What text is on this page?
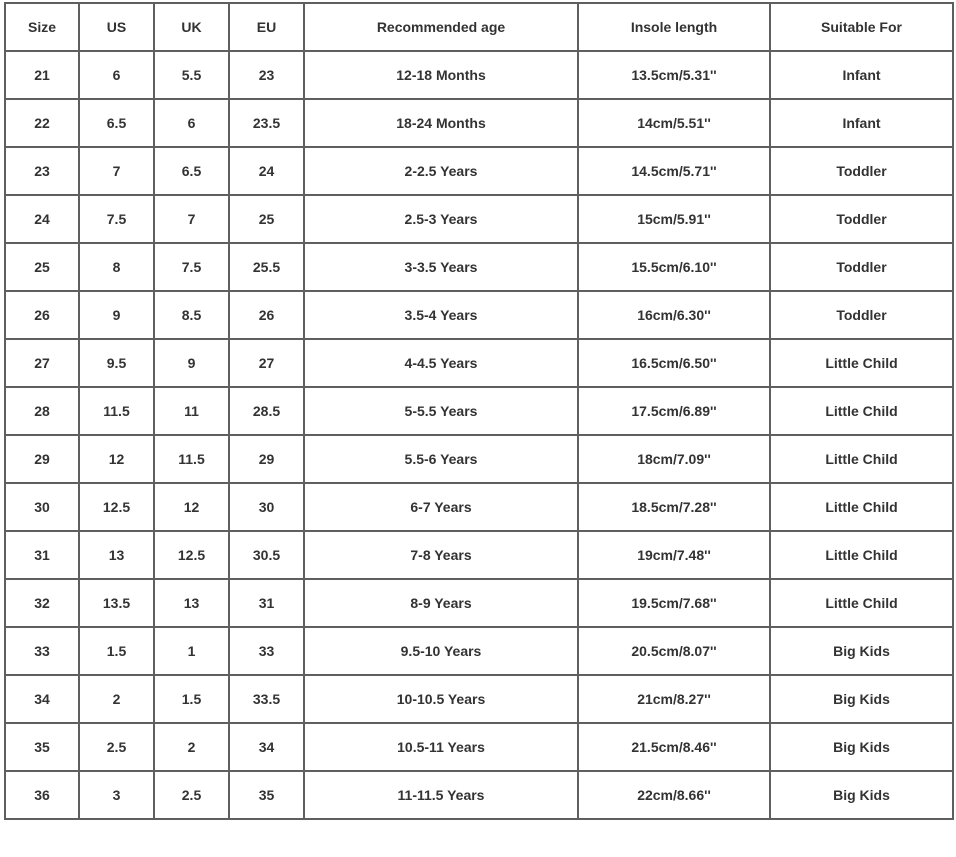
Size	US	UK	EU	Recommended age	Insole length	Suitable For
21	6	5.5	23	12-18 Months	13.5cm/5.31''	Infant
22	6.5	6	23.5	18-24 Months	14cm/5.51''	Infant
23	7	6.5	24	2-2.5 Years	14.5cm/5.71''	Toddler
24	7.5	7	25	2.5-3 Years	15cm/5.91''	Toddler
25	8	7.5	25.5	3-3.5 Years	15.5cm/6.10''	Toddler
26	9	8.5	26	3.5-4 Years	16cm/6.30''	Toddler
27	9.5	9	27	4-4.5 Years	16.5cm/6.50''	Little Child
28	11.5	11	28.5	5-5.5 Years	17.5cm/6.89''	Little Child
29	12	11.5	29	5.5-6 Years	18cm/7.09''	Little Child
30	12.5	12	30	6-7 Years	18.5cm/7.28''	Little Child
31	13	12.5	30.5	7-8 Years	19cm/7.48''	Little Child
32	13.5	13	31	8-9 Years	19.5cm/7.68''	Little Child
33	1.5	1	33	9.5-10 Years	20.5cm/8.07''	Big Kids
34	2	1.5	33.5	10-10.5 Years	21cm/8.27''	Big Kids
35	2.5	2	34	10.5-11 Years	21.5cm/8.46''	Big Kids
36	3	2.5	35	11-11.5 Years	22cm/8.66''	Big Kids
